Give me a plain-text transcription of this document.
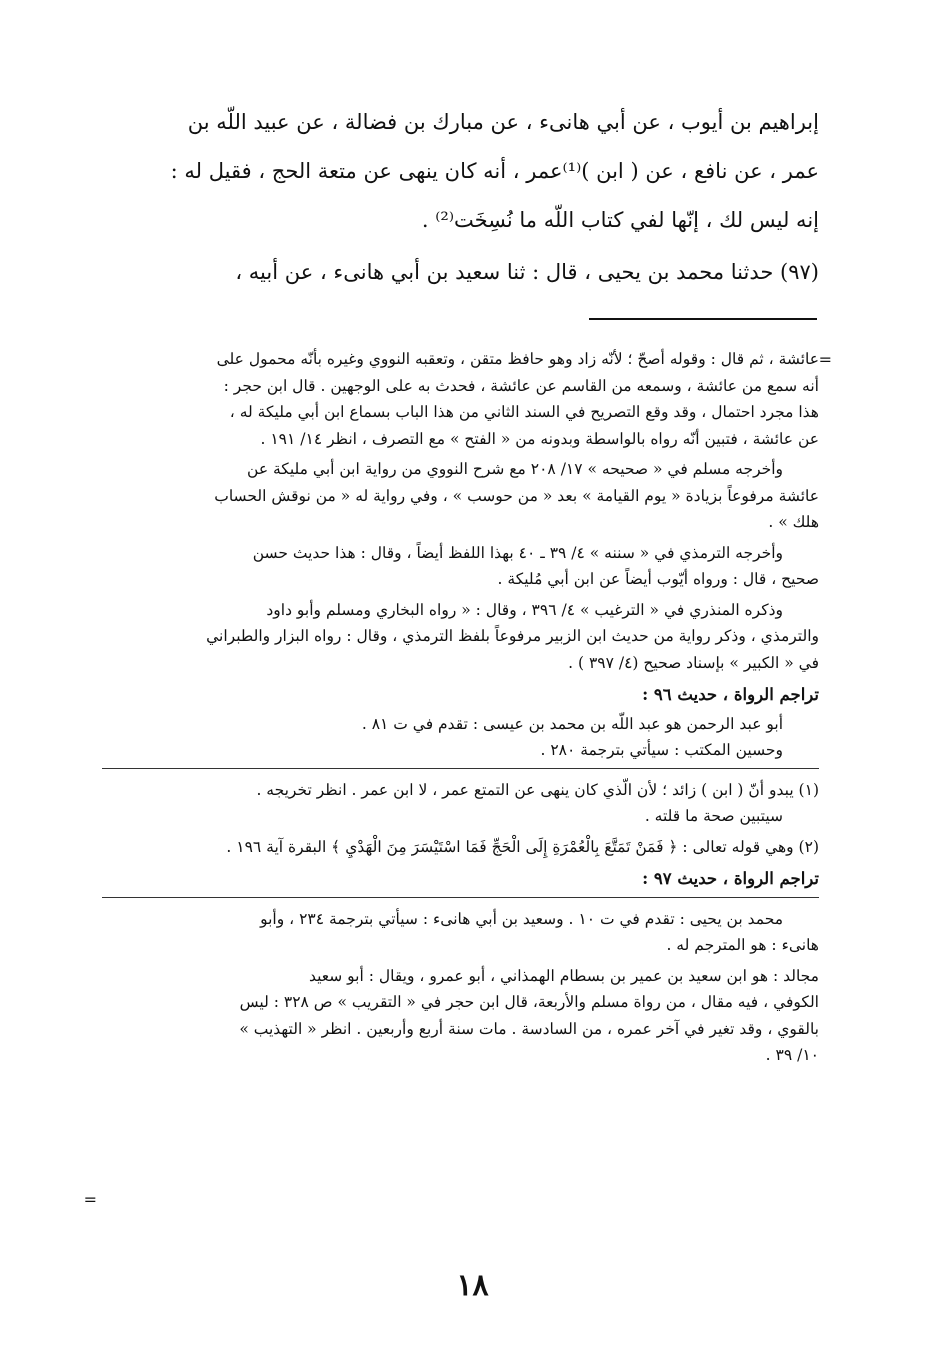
إبراهيم بن أيوب ، عن أبي هانىء ، عن مبارك بن فضالة ، عن عبيد اللّه بن

عمر ، عن نافع ، عن ( ابن )⁽¹⁾عمر ، أنه كان ينهى عن متعة الحج ، فقيل له :

إنه ليس لك ، إنّها لفي كتاب اللّه ما نُسِخَت⁽²⁾ .

(٩٧) حدثنا محمد بن يحيى ، قال : ثنا سعيد بن أبي هانىء ، عن أبيه ،
=

عائشة ، ثم قال : وقوله أصحّ ؛ لأنّه زاد وهو حافظ متقن ، وتعقبه النووي وغيره بأنّه محمول على

أنه سمع من عائشة ، وسمعه من القاسم عن عائشة ، فحدث به على الوجهين . قال ابن حجر :

هذا مجرد احتمال ، وقد وقع التصريح في السند الثاني من هذا الباب بسماع ابن أبي مليكة له ،

عن عائشة ، فتبين أنّه رواه بالواسطة وبدونه من « الفتح » مع التصرف ، انظر ١٤/ ١٩١ .

وأخرجه مسلم في « صحيحه » ١٧/ ٢٠٨ مع شرح النووي من رواية ابن أبي مليكة عن

عائشة مرفوعاً بزيادة « يوم القيامة » بعد « من حوسب » ، وفي رواية له « من نوقش الحساب

هلك » .

وأخرجه الترمذي في « سننه » ٤/ ٣٩ ـ ٤٠ بهذا اللفظ أيضاً ، وقال : هذا حديث حسن

صحيح ، قال : ورواه أيّوب أيضاً عن ابن أبي مُليكة .

وذكره المنذري في « الترغيب » ٤/ ٣٩٦ ، وقال : « رواه البخاري ومسلم وأبو داود

والترمذي ، وذكر رواية من حديث ابن الزبير مرفوعاً بلفظ الترمذي ، وقال : رواه البزار والطبراني

في « الكبير » بإسناد صحيح (٤/ ٣٩٧ ) .

تراجم الرواة ، حديث ٩٦ :

أبو عبد الرحمن هو عبد اللّه بن محمد بن عيسى : تقدم في ت ٨١ .

وحسين المكتب : سيأتي بترجمة ٢٨٠ .

(١) يبدو أنّ ( ابن ) زائد ؛ لأن الّذي كان ينهى عن التمتع عمر ، لا ابن عمر . انظر تخريجه .

سيتبين صحة ما قلته .

(٢) وهي قوله تعالى : ﴿ فَمَنْ تَمَتَّعَ بِالْعُمْرَةِ إِلَى الْحَجِّ فَمَا اسْتَيْسَرَ مِنَ الْهَدْيِ ﴾ البقرة آية ١٩٦ .

تراجم الرواة ، حديث ٩٧ :

محمد بن يحيى : تقدم في ت ١٠ . وسعيد بن أبي هانىء : سيأتي بترجمة ٢٣٤ ، وأبو

هانىء : هو المترجم له .

مجالد : هو ابن سعيد بن عمير بن بسطام الهمذاني ، أبو عمرو ، ويقال : أبو سعيد

الكوفي ، فيه مقال ، من رواة مسلم والأربعة، قال ابن حجر في « التقريب » ص ٣٢٨ : ليس

بالقوي ، وقد تغير في آخر عمره ، من السادسة . مات سنة أربع وأربعين . انظر « التهذيب »

١٠/ ٣٩ .

=
١٨
